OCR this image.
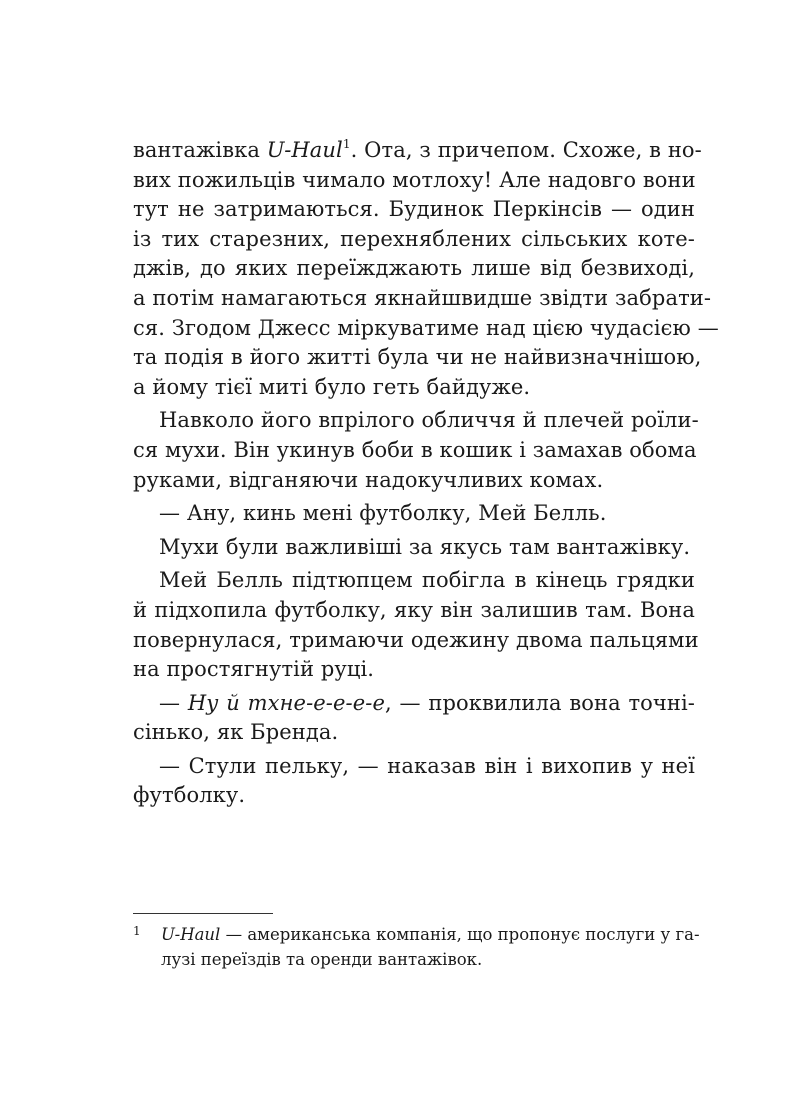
вантажівка U-Haul$^1$. Ота, з причепом. Схоже, в но-
вих пожильців чимало мотлоху! Але надовго вони
тут не затримаються. Будинок Перкінсів — один
із тих старезних, перехняблених сільських коте-
джів, до яких переїжджають лише від безвиході,
а потім намагаються якнайшвидше звідти забрати-
ся. Згодом Джесс міркуватиме над цією чудасією —
та подія в його житті була чи не найвизначнішою,
а йому тієї миті було геть байдуже.
Навколо його впрілого обличчя й плечей роїли-
ся мухи. Він укинув боби в кошик і замахав обома
руками, відганяючи надокучливих комах.
— Ану, кинь мені футболку, Мей Белль.
Мухи були важливіші за якусь там вантажівку.
Мей Белль підтюпцем побігла в кінець грядки
й підхопила футболку, яку він залишив там. Вона
повернулася, тримаючи одежину двома пальцями
на простягнутій руці.
— Ну й тхне-е-е-е-е, — проквилила вона точні-
сінько, як Бренда.
— Стули пельку, — наказав він і вихопив у неї
футболку.
1	U-Haul — американська компанія, що пропонує послуги у га-
лузі переїздів та оренди вантажівок.
